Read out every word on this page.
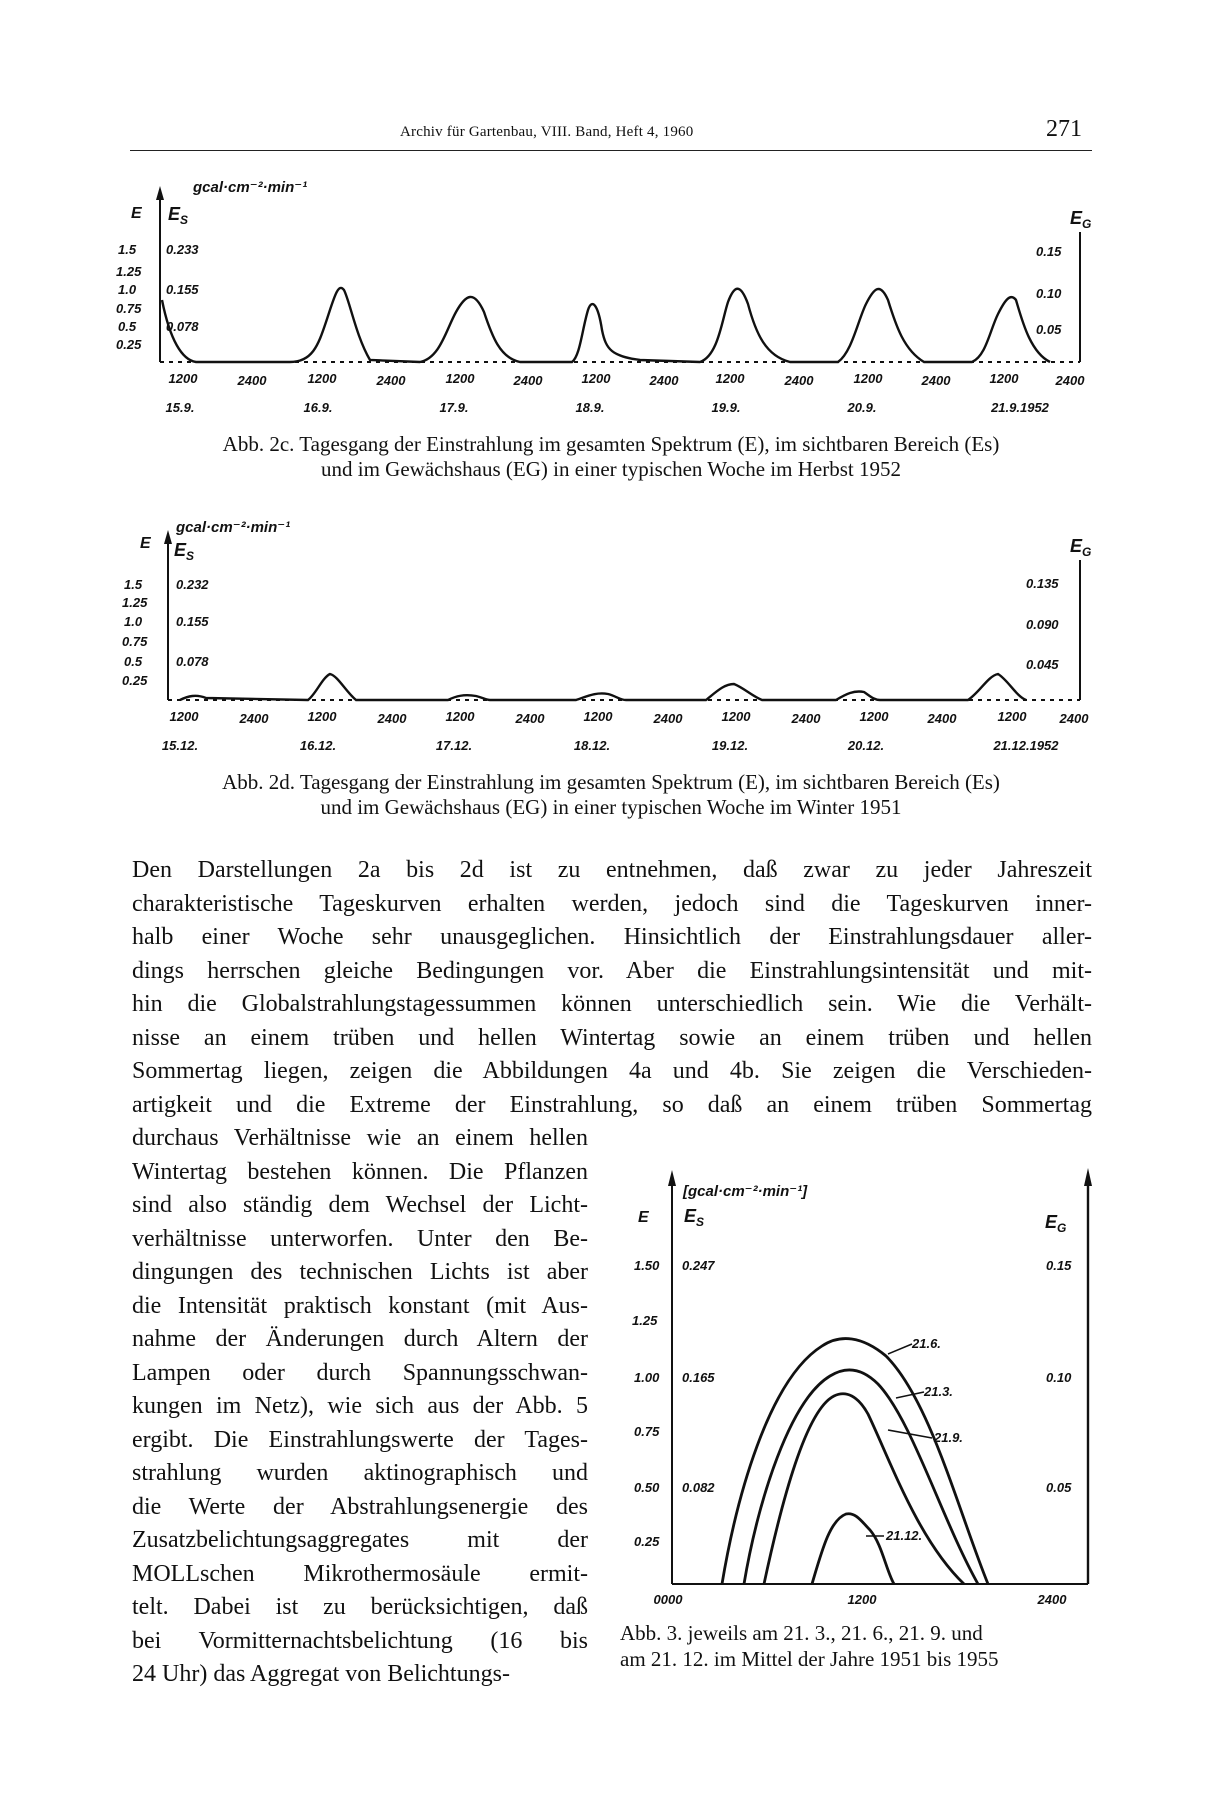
Archiv für Gartenbau, VIII. Band, Heft 4, 1960	271
gcal·cm⁻²·min⁻¹
E $E_S$	$E_G$
1.5
1.25
1.0
0.75
0.5
0.25
0.233
0.155
0.078
0.15
0.10
0.05
1200	2400	1200	2400	1200	2400	1200	2400	1200	2400	1200	2400	1200	2400
15.9.	16.9.	17.9.	18.9.	19.9.	20.9.	21.9.1952
Abb. 2c. Tagesgang der Einstrahlung im gesamten Spektrum (E), im sichtbaren Bereich (Es)
und im Gewächshaus (EG) in einer typischen Woche im Herbst 1952
gcal·cm⁻²·min⁻¹
E $E_S$	$E_G$
1.5
1.25
1.0
0.75
0.5
0.25
0.232
0.155
0.078
0.135
0.090
0.045
1200	2400	1200	2400	1200	2400	1200	2400	1200	2400	1200	2400	1200	2400
15.12.	16.12.	17.12.	18.12.	19.12.	20.12.	21.12.1952
Abb. 2d. Tagesgang der Einstrahlung im gesamten Spektrum (E), im sichtbaren Bereich (Es)
und im Gewächshaus (EG) in einer typischen Woche im Winter 1951
Den Darstellungen 2a bis 2d ist zu entnehmen, daß zwar zu jeder Jahreszeit
charakteristische Tageskurven erhalten werden, jedoch sind die Tageskurven inner-
halb einer Woche sehr unausgeglichen. Hinsichtlich der Einstrahlungsdauer aller-
dings herrschen gleiche Bedingungen vor. Aber die Einstrahlungsintensität und mit-
hin die Globalstrahlungstagessummen können unterschiedlich sein. Wie die Verhält-
nisse an einem trüben und hellen Wintertag sowie an einem trüben und hellen
Sommertag liegen, zeigen die Abbildungen 4a und 4b. Sie zeigen die Verschieden-
artigkeit und die Extreme der Einstrahlung, so daß an einem trüben Sommertag
durchaus Verhältnisse wie an einem hellen
Wintertag bestehen können. Die Pflanzen
sind also ständig dem Wechsel der Licht-
verhältnisse unterworfen. Unter den Be-
dingungen des technischen Lichts ist aber
die Intensität praktisch konstant (mit Aus-
nahme der Änderungen durch Altern der
Lampen oder durch Spannungsschwan-
kungen im Netz), wie sich aus der Abb. 5
ergibt. Die Einstrahlungswerte der Tages-
strahlung wurden aktinographisch und
die Werte der Abstrahlungsenergie des
Zusatzbelichtungsaggregates mit der
MOLLschen Mikrothermosäule ermit-
telt. Dabei ist zu berücksichtigen, daß
bei Vormitternachtsbelichtung (16 bis
24 Uhr) das Aggregat von Belichtungs-
[gcal·cm⁻²·min⁻¹]
E $E_S$	$E_G$
1.50
1.25
1.00
0.75
0.50
0.25
0.247
0.165
0.082
0.15
0.10
0.05
21.6.
21.3.
21.9.
21.12.
0000	1200	2400
Abb. 3. jeweils am 21. 3., 21. 6., 21. 9. und
am 21. 12. im Mittel der Jahre 1951 bis 1955
